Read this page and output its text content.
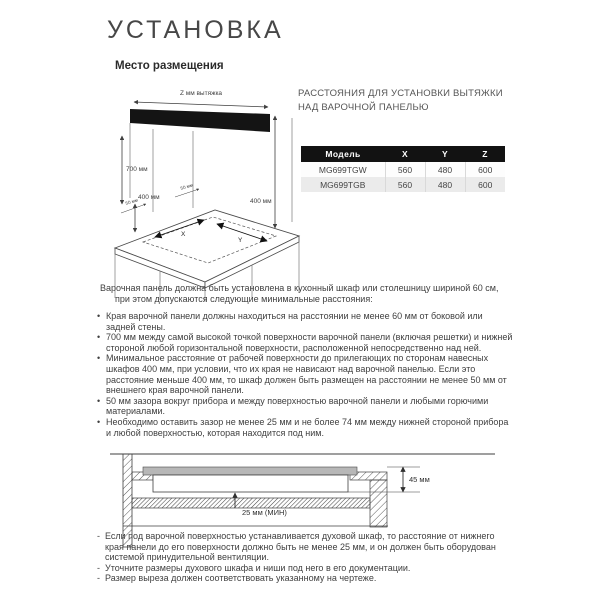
УСТАНОВКА
Место размещения
Z мм вытяжка
700 мм
400 мм
400 мм
X
Y
50 мм
50 мм
РАССТОЯНИЯ ДЛЯ УСТАНОВКИ ВЫТЯЖКИ НАД ВАРОЧНОЙ ПАНЕЛЬЮ
Модель	X	Y	Z
MG699TGW	560	480	600
MG699TGB	560	480	600

Варочная панель должна быть установлена в кухонный шкаф или столешницу шириной 60 см, при этом допускаются следующие минимальные расстояния:

• Края варочной панели должны находиться на расстоянии не менее 60 мм от боковой или задней стены.
• 700 мм между самой высокой точкой поверхности варочной панели (включая решетки) и нижней стороной любой горизонтальной поверхности, расположенной непосредственно над ней.
• Минимальное расстояние от рабочей поверхности до прилегающих по сторонам навесных шкафов 400 мм, при условии, что их края не нависают над варочной панелью. Если это расстояние меньше 400 мм, то шкаф должен быть размещен на расстоянии не менее 50 мм от внешнего края варочной панели.
• 50 мм зазора вокруг прибора и между поверхностью варочной панели и любыми горючими материалами.
• Необходимо оставить зазор не менее 25 мм и не более 74 мм между нижней стороной прибора и любой поверхностью, которая находится под ним.
45 мм
25 мм (МИН)
- Если под варочной поверхностью устанавливается духовой шкаф, то расстояние от нижнего края панели до его поверхности должно быть не менее 25 мм, и он должен быть оборудован системой принудительной вентиляции.
- Уточните размеры духового шкафа и ниши под него в его документации.
- Размер выреза должен соответствовать указанному на чертеже.
